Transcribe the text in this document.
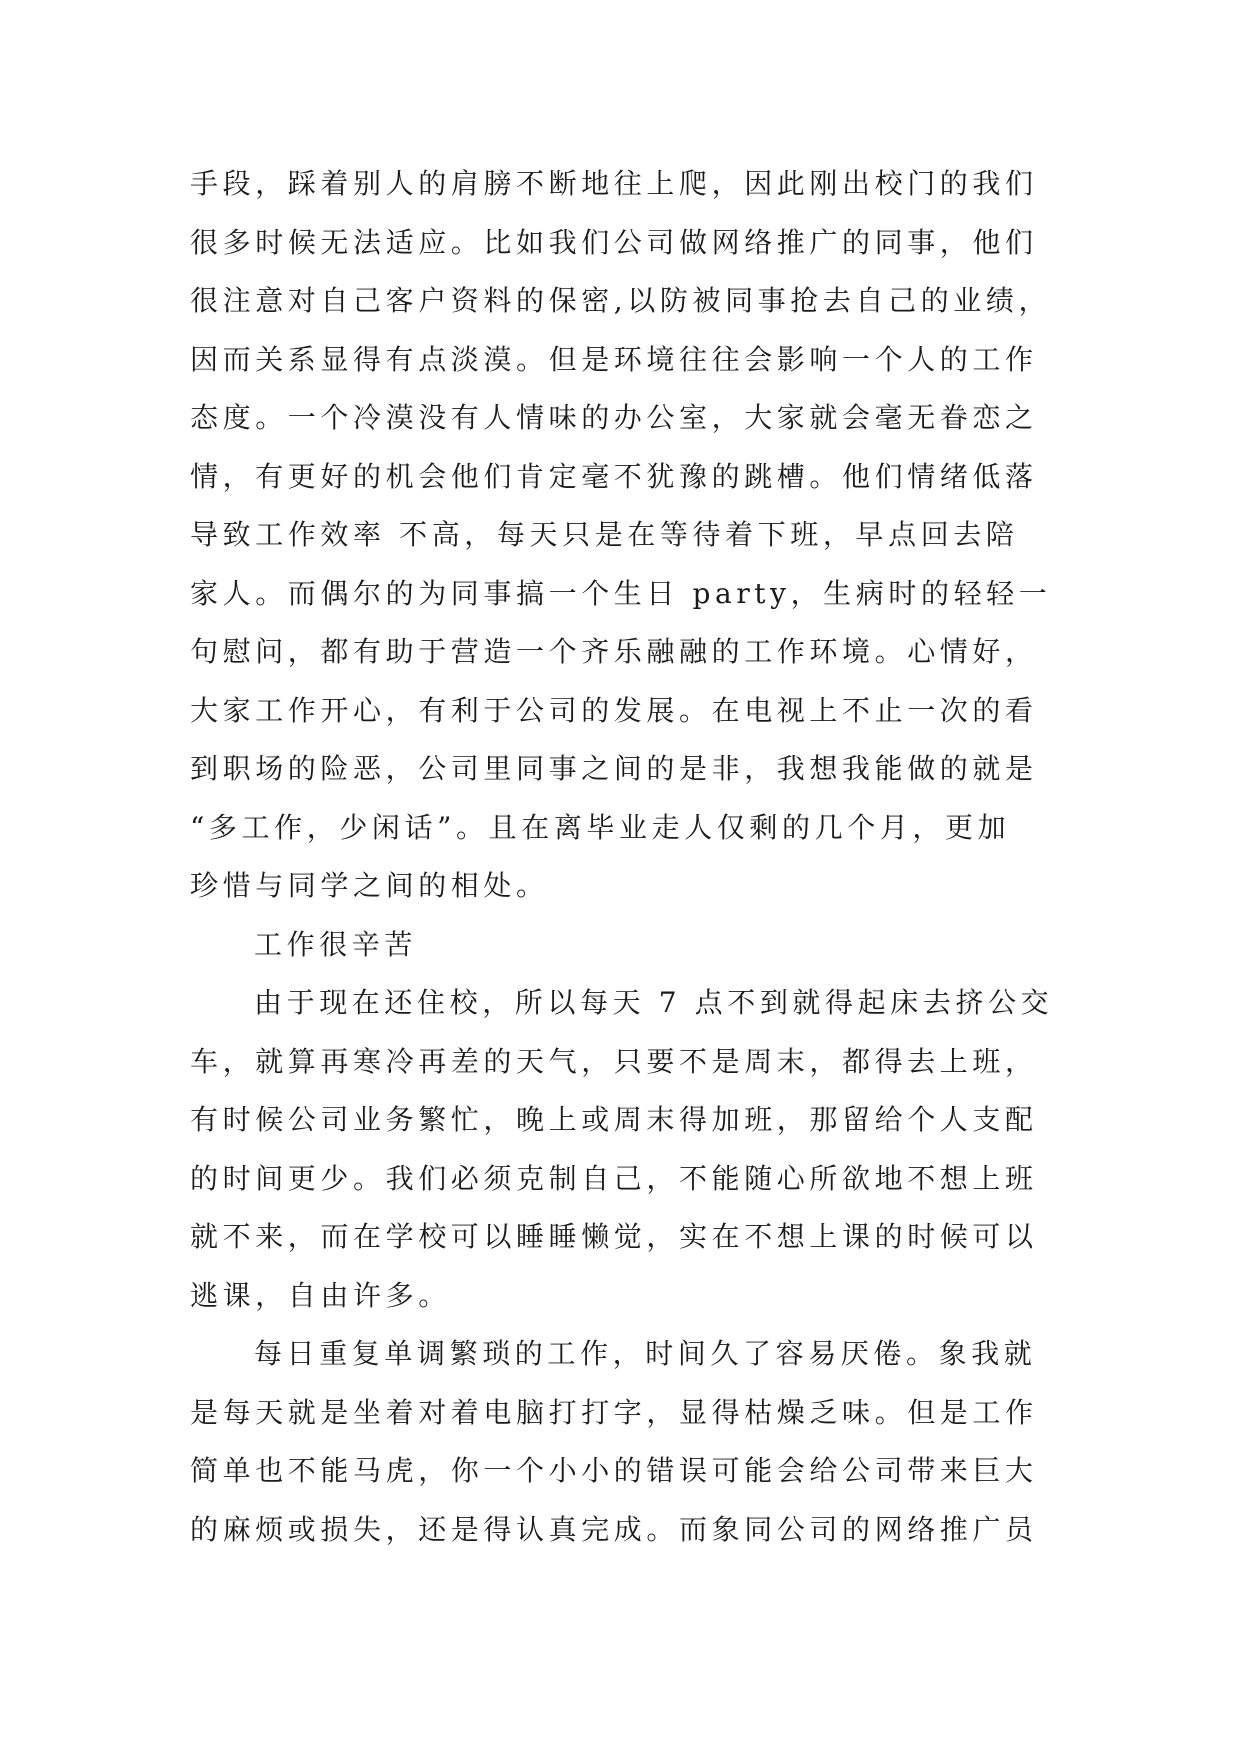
手段，踩着别人的肩膀不断地往上爬，因此刚出校门的我们
很多时候无法适应。比如我们公司做网络推广的同事，他们
很注意对自己客户资料的保密,以防被同事抢去自己的业绩，
因而关系显得有点淡漠。但是环境往往会影响一个人的工作
态度。一个冷漠没有人情味的办公室，大家就会毫无眷恋之
情，有更好的机会他们肯定毫不犹豫的跳槽。他们情绪低落
导致工作效率 不高，每天只是在等待着下班，早点回去陪
家人。而偶尔的为同事搞一个生日 party，生病时的轻轻一
句慰问，都有助于营造一个齐乐融融的工作环境。心情好，
大家工作开心，有利于公司的发展。在电视上不止一次的看
到职场的险恶，公司里同事之间的是非，我想我能做的就是
“多工作，少闲话”。且在离毕业走人仅剩的几个月，更加
珍惜与同学之间的相处。
工作很辛苦
由于现在还住校，所以每天 7 点不到就得起床去挤公交
车，就算再寒冷再差的天气，只要不是周末，都得去上班，
有时候公司业务繁忙，晚上或周末得加班，那留给个人支配
的时间更少。我们必须克制自己，不能随心所欲地不想上班
就不来，而在学校可以睡睡懒觉，实在不想上课的时候可以
逃课，自由许多。
每日重复单调繁琐的工作，时间久了容易厌倦。象我就
是每天就是坐着对着电脑打打字，显得枯燥乏味。但是工作
简单也不能马虎，你一个小小的错误可能会给公司带来巨大
的麻烦或损失，还是得认真完成。而象同公司的网络推广员
